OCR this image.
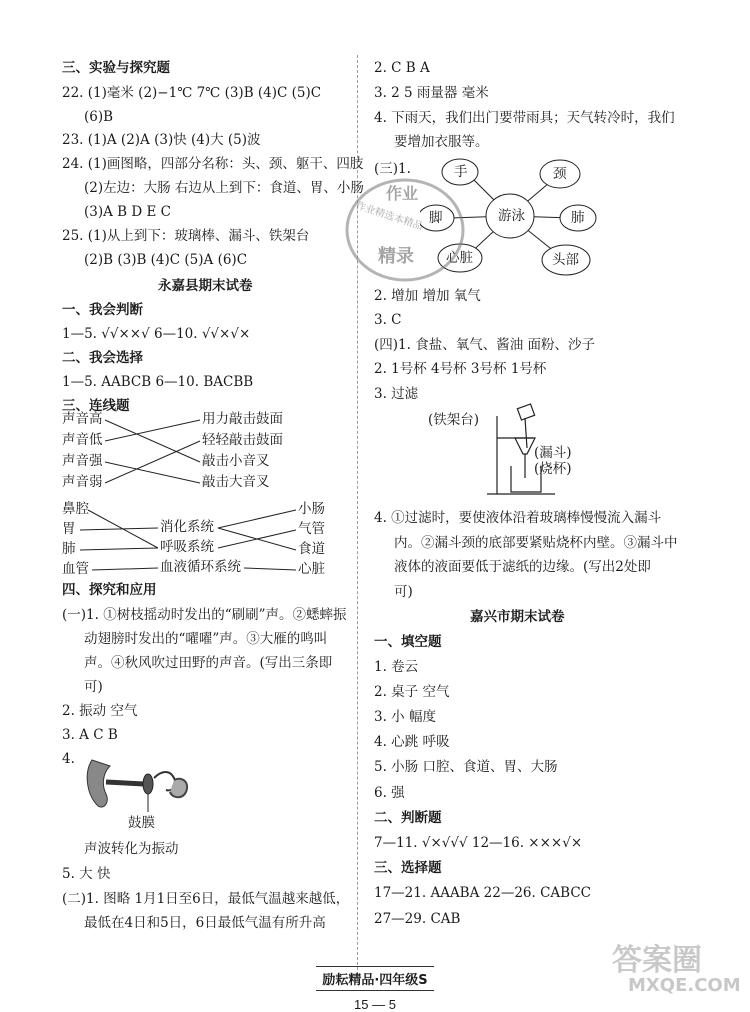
三、实验与探究题
22. (1)毫米 (2)−1℃ 7℃ (3)B (4)C (5)C
(6)B
23. (1)A (2)A (3)快 (4)大 (5)波
24. (1)画图略，四部分名称：头、颈、躯干、四肢
(2)左边：大肠 右边从上到下：食道、胃、小肠
(3)A B D E C
25. (1)从上到下：玻璃棒、漏斗、铁架台
(2)B (3)B (4)C (5)A (6)C
永嘉县期末试卷
一、我会判断
1—5. √√××√ 6—10. √√×√×
二、我会选择
1—5. AABCB 6—10. BACBB
三、连线题
声音高
声音低
声音强
声音弱
用力敲击鼓面
轻轻敲击鼓面
敲击小音叉
敲击大音叉
鼻腔
胃
肺
血管
消化系统
呼吸系统
血液循环系统
小肠
气管
食道
心脏
四、探究和应用
(一)1. ①树枝摇动时发出的“刷刷”声。②蟋蟀振
动翅膀时发出的“嚁嚁”声。③大雁的鸣叫
声。④秋风吹过田野的声音。(写出三条即
可)
2. 振动 空气
3. A C B
4.
鼓膜
声波转化为振动
5. 大 快
(二)1. 图略 1月1日至6日，最低气温越来越低，
最低在4日和5日，6日最低气温有所升高
2. C B A
3. 2 5 雨量器 毫米
4. 下雨天，我们出门要带雨具；天气转冷时，我们
要增加衣服等。
(三)1.
游泳
手	颈
脚	肺
心脏	头部
作业
作业精选本精品
精录
2. 增加 增加 氧气
3. C
(四)1. 食盐、氧气、酱油 面粉、沙子
2. 1号杯 4号杯 3号杯 1号杯
3. 过滤
(铁架台)
(漏斗)
(烧杯)
4. ①过滤时，要使液体沿着玻璃棒慢慢流入漏斗
内。②漏斗颈的底部要紧贴烧杯内壁。③漏斗中
液体的液面要低于滤纸的边缘。(写出2处即
可)
嘉兴市期末试卷
一、填空题
1. 卷云
2. 桌子 空气
3. 小 幅度
4. 心跳 呼吸
5. 小肠 口腔、食道、胃、大肠
6. 强
二、判断题
7—11. √×√√√ 12—16. ×××√×
三、选择题
17—21. AAABA 22—26. CABCC
27—29. CAB
励耘精品·四年级S
15 — 5
答案圈
MXQE.COM
